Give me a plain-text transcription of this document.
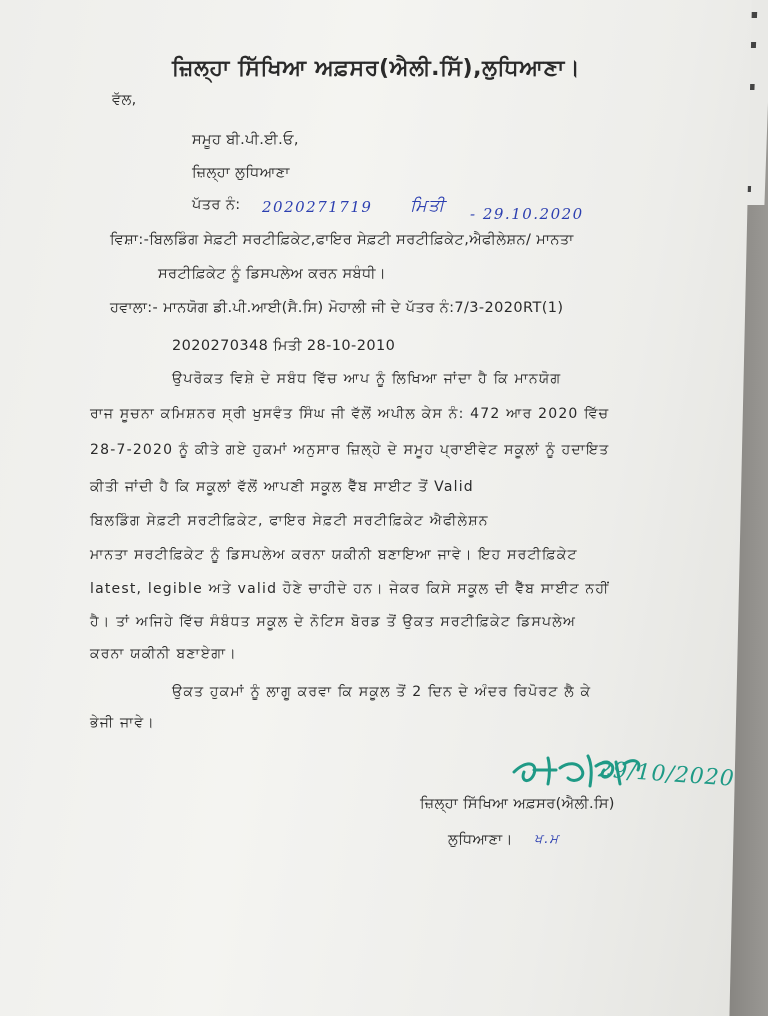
ਜ਼ਿਲ੍ਹਾ ਸਿੱਖਿਆ ਅਫ਼ਸਰ(ਐਲੀ.ਸਿੱ),ਲੁਧਿਆਣਾ।
ਵੱਲ,
ਸਮੂਹ ਬੀ.ਪੀ.ਈ.ਓ,
ਜ਼ਿਲ੍ਹਾ ਲੁਧਿਆਣਾ
ਪੱਤਰ ਨੰ: 2020271719 ਮਿਤੀ - 29.10.2020
ਵਿਸ਼ਾ:-ਬਿਲਡਿੰਗ ਸੇਫ਼ਟੀ ਸਰਟੀਫ਼ਿਕੇਟ,ਫਾਇਰ ਸੇਫ਼ਟੀ ਸਰਟੀਫ਼ਿਕੇਟ,ਐਫੀਲੇਸ਼ਨ/ ਮਾਨਤਾ
ਸਰਟੀਫ਼ਿਕੇਟ ਨੂੰ ਡਿਸਪਲੇਅ ਕਰਨ ਸਬੰਧੀ।
ਹਵਾਲਾ:- ਮਾਨਯੋਗ ਡੀ.ਪੀ.ਆਈ(ਸੈ.ਸਿ) ਮੋਹਾਲੀ ਜੀ ਦੇ ਪੱਤਰ ਨੰ:7/3-2020RT(1)
2020270348 ਮਿਤੀ 28-10-2010
ਉਪਰੋਕਤ ਵਿਸ਼ੇ ਦੇ ਸਬੰਧ ਵਿੱਚ ਆਪ ਨੂੰ ਲਿਖਿਆ ਜਾਂਦਾ ਹੈ ਕਿ ਮਾਨਯੋਗ
ਰਾਜ ਸੂਚਨਾ ਕਮਿਸ਼ਨਰ ਸ੍ਰੀ ਖੁਸਵੰਤ ਸਿੰਘ ਜੀ ਵੱਲੋਂ ਅਪੀਲ ਕੇਸ ਨੰ: 472 ਆਰ 2020 ਵਿੱਚ
28-7-2020 ਨੂੰ ਕੀਤੇ ਗਏ ਹੁਕਮਾਂ ਅਨੁਸਾਰ ਜ਼ਿਲ੍ਹੇ ਦੇ ਸਮੂਹ ਪ੍ਰਾਈਵੇਟ ਸਕੂਲਾਂ ਨੂੰ ਹਦਾਇਤ
ਕੀਤੀ ਜਾਂਦੀ ਹੈ ਕਿ ਸਕੂਲਾਂ ਵੱਲੋਂ ਆਪਣੀ ਸਕੂਲ ਵੈੱਬ ਸਾਈਟ ਤੋਂ Valid
ਬਿਲਡਿੰਗ ਸੇਫ਼ਟੀ ਸਰਟੀਫ਼ਿਕੇਟ, ਫਾਇਰ ਸੇਫ਼ਟੀ ਸਰਟੀਫ਼ਿਕੇਟ ਐਫੀਲੇਸ਼ਨ
ਮਾਨਤਾ ਸਰਟੀਫ਼ਿਕੇਟ ਨੂੰ ਡਿਸਪਲੇਅ ਕਰਨਾ ਯਕੀਨੀ ਬਣਾਇਆ ਜਾਵੇ। ਇਹ ਸਰਟੀਫ਼ਿਕੇਟ
latest, legible ਅਤੇ valid ਹੋਣੇ ਚਾਹੀਦੇ ਹਨ। ਜੇਕਰ ਕਿਸੇ ਸਕੂਲ ਦੀ ਵੈੱਬ ਸਾਈਟ ਨਹੀਂ
ਹੈ। ਤਾਂ ਅਜਿਹੇ ਵਿੱਚ ਸੰਬੰਧਤ ਸਕੂਲ ਦੇ ਨੋਟਿਸ ਬੋਰਡ ਤੋਂ ਉਕਤ ਸਰਟੀਫ਼ਿਕੇਟ ਡਿਸਪਲੇਅ
ਕਰਨਾ ਯਕੀਨੀ ਬਣਾਏਗਾ।
ਉਕਤ ਹੁਕਮਾਂ ਨੂੰ ਲਾਗੂ ਕਰਵਾ ਕਿ ਸਕੂਲ ਤੋਂ 2 ਦਿਨ ਦੇ ਅੰਦਰ ਰਿਪੋਰਟ ਲੈ ਕੇ
ਭੇਜੀ ਜਾਵੇ।
29/10/2020
ਜ਼ਿਲ੍ਹਾ ਸਿੱਖਿਆ ਅਫ਼ਸਰ(ਐਲੀ.ਸਿ)
ਲੁਧਿਆਣਾ। ਖ.ਮ
